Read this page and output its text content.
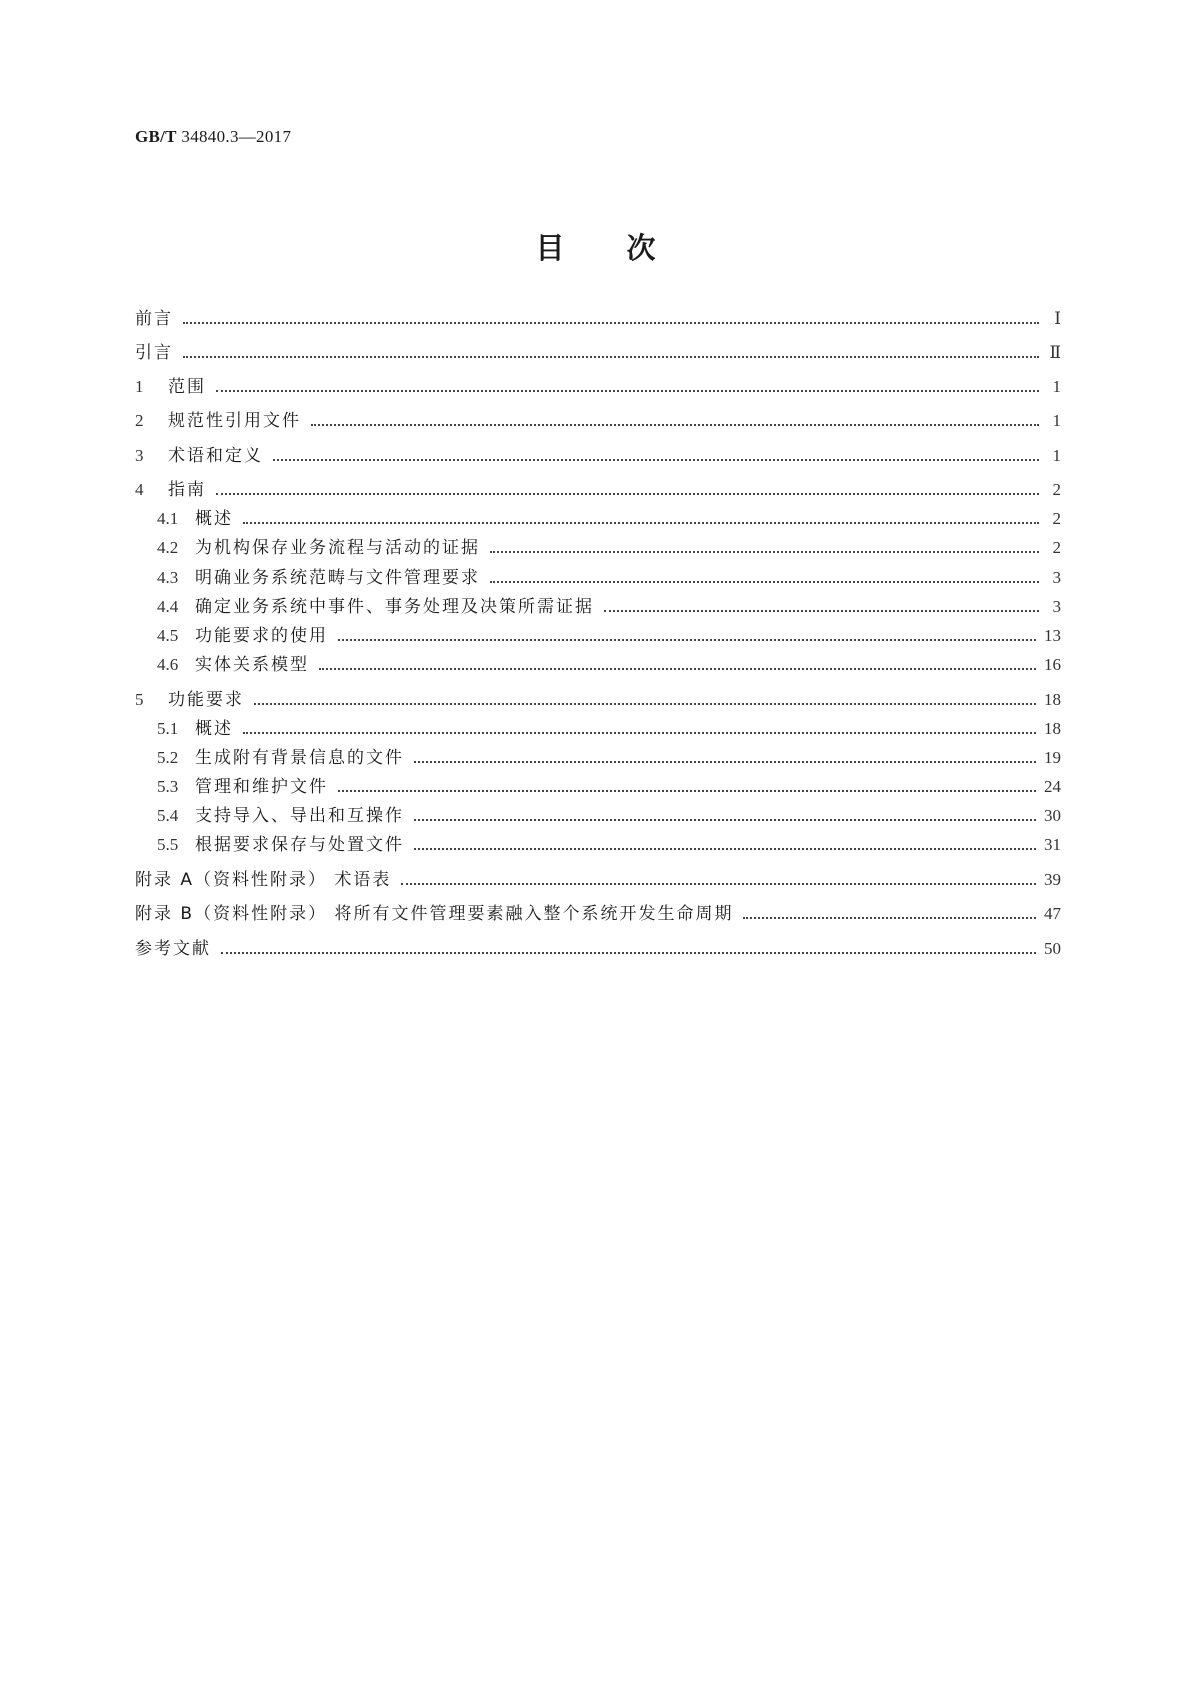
GB/T 34840.3—2017
目 次
前言	Ⅰ
引言	Ⅱ
1	范围	1
2	规范性引用文件	1
3	术语和定义	1
4	指南	2
4.1 概述	2
4.2 为机构保存业务流程与活动的证据	2
4.3 明确业务系统范畴与文件管理要求	3
4.4 确定业务系统中事件、事务处理及决策所需证据	3
4.5 功能要求的使用	13
4.6 实体关系模型	16
5	功能要求	18
5.1 概述	18
5.2 生成附有背景信息的文件	19
5.3 管理和维护文件	24
5.4 支持导入、导出和互操作	30
5.5 根据要求保存与处置文件	31
附录 A（资料性附录） 术语表	39
附录 B（资料性附录） 将所有文件管理要素融入整个系统开发生命周期	47
参考文献	50
